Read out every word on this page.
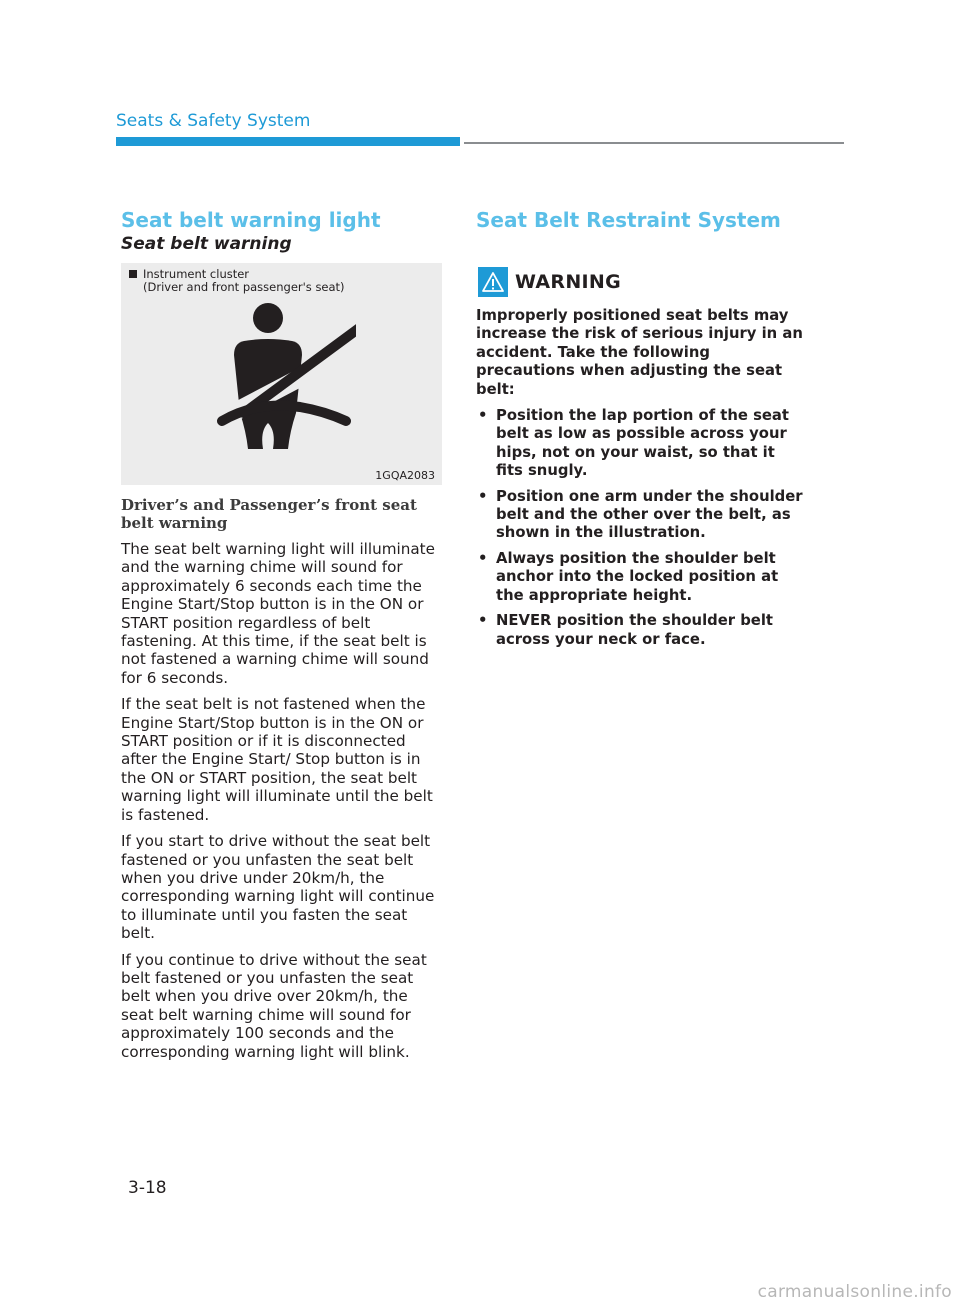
Seats & Safety System
Seat belt warning light
Seat belt warning
Instrument cluster
(Driver and front passenger's seat)
1GQA2083
Driver’s and Passenger’s front seat belt warning

The seat belt warning light will illuminate and the warning chime will sound for approximately 6 seconds each time the Engine Start/Stop button is in the ON or START position regardless of belt fastening. At this time, if the seat belt is not fastened a warning chime will sound for 6 seconds.

If the seat belt is not fastened when the Engine Start/Stop button is in the ON or START position or if it is disconnected after the Engine Start/ Stop button is in the ON or START position, the seat belt warning light will illuminate until the belt is fastened.

If you start to drive without the seat belt fastened or you unfasten the seat belt when you drive under 20km/h, the corresponding warning light will continue to illuminate until you fasten the seat belt.

If you continue to drive without the seat belt fastened or you unfasten the seat belt when you drive over 20km/h, the seat belt warning chime will sound for approximately 100 seconds and the corresponding warning light will blink.

Seat Belt Restraint System
WARNING

Improperly positioned seat belts may increase the risk of serious injury in an accident. Take the following precautions when adjusting the seat belt:

• Position the lap portion of the seat belt as low as possible across your hips, not on your waist, so that it fits snugly.
• Position one arm under the shoulder belt and the other over the belt, as shown in the illustration.
• Always position the shoulder belt anchor into the locked position at the appropriate height.
• NEVER position the shoulder belt across your neck or face.
3-18
carmanualsonline.info
